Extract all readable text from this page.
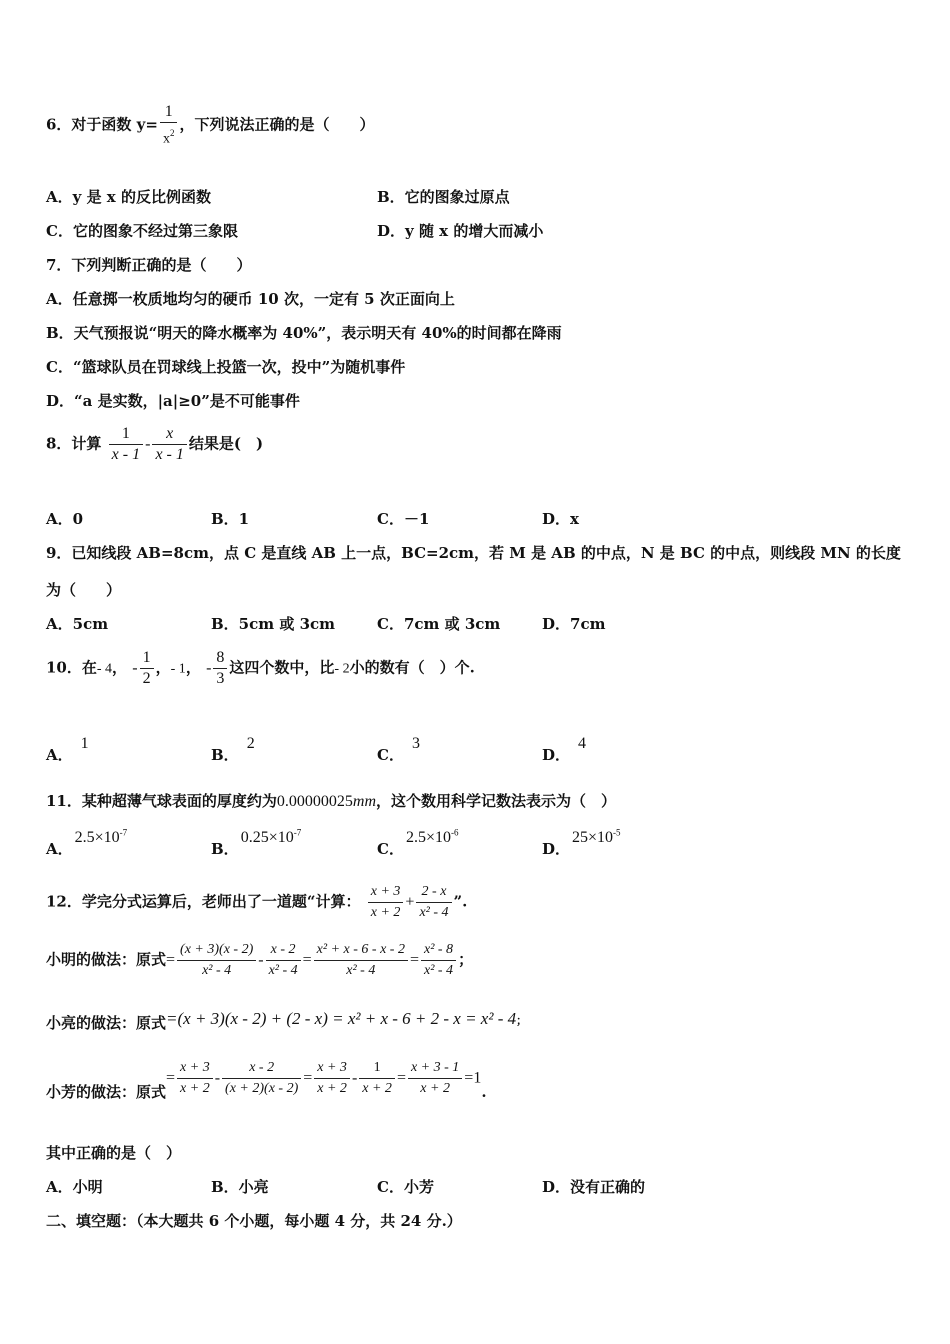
6．对于函数 $y= \frac{1}{x^2}$ ，下列说法正确的是（　　）
A．y 是 x 的反比例函数	B．它的图象过原点
C．它的图象不经过第三象限	D．y 随 x 的增大而减小
7．下列判断正确的是（　　）
A．任意掷一枚质地均匀的硬币 10 次，一定有 5 次正面向上
B．天气预报说“明天的降水概率为 40%”，表示明天有 40%的时间都在降雨
C．“篮球队员在罚球线上投篮一次，投中”为随机事件
D．“a 是实数，|a|≥0”是不可能事件
8．计算 $\frac{1}{x - 1} - \frac{x}{x - 1}$ 结果是(　)
A．0	B．1	C．－1	D．x
9．已知线段 AB=8cm，点 C 是直线 AB 上一点，BC=2cm，若 M 是 AB 的中点，N 是 BC 的中点，则线段 MN 的长度
为（　　）
A．5cm	B．5cm 或 3cm	C．7cm 或 3cm	D．7cm
10．在- 4， - $\frac{1}{2}$ ，- 1， - $\frac{8}{3}$ 这四个数中，比- 2小的数有（　）个.
A．1
B．2
C．3
D．4
11．某种超薄气球表面的厚度约为0.00000025mm，这个数用科学记数法表示为（　）
A．$2.5\times 10^{-7}$
B．$0.25\times 10^{-7}$
C．$2.5\times 10^{-6}$
D．$25\times 10^{-5}$
12．学完分式运算后，老师出了一道题“计算： $\frac{x + 3}{x + 2} + \frac{2 - x}{\text{x² - 4}}$ ”.
小明的做法：原式= $\frac{(x + 3)(x - 2)}{\text{x² - 4}} - \frac{x - 2}{\text{x² - 4}} = \frac{\text{x² + x - 6 - x - 2}}{\text{x² - 4}} = \frac{\text{x² - 8}}{\text{x² - 4}}$ ；
小亮的做法：原式=(x + 3)(x - 2) + (2 - x) = x² + x - 6 + 2 - x = x² - 4；
小芳的做法：原式= $\frac{x + 3}{x + 2} - \frac{x - 2}{(x + 2)(x - 2)} = \frac{x + 3}{x + 2} - \frac{1}{x + 2} = \frac{x + 3 - 1}{x + 2} =1$.
其中正确的是（　）
A．小明	B．小亮	C．小芳	D．没有正确的
二、填空题：（本大题共 6 个小题，每小题 4 分，共 24 分.）
